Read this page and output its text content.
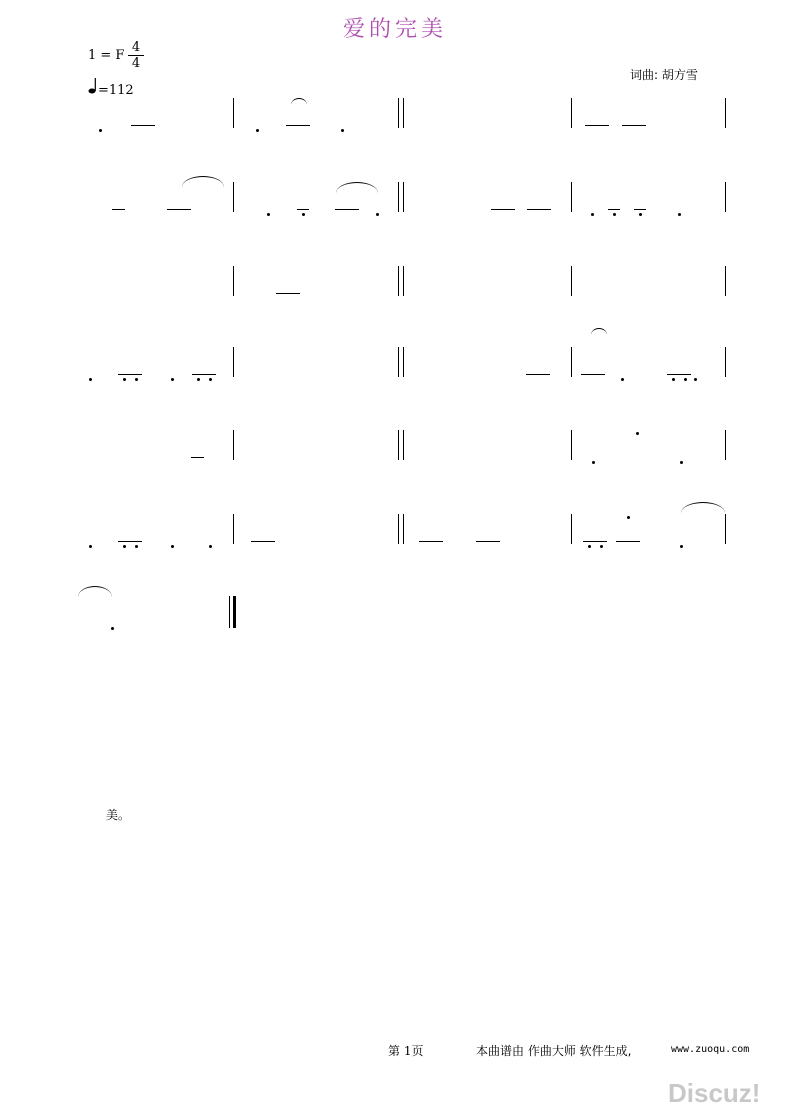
爱的完美
1 = F
4
4
=112
词曲: 胡方雪
美。
第 1页	本曲谱由 作曲大师 软件生成,	www.zuoqu.com
Discuz!
